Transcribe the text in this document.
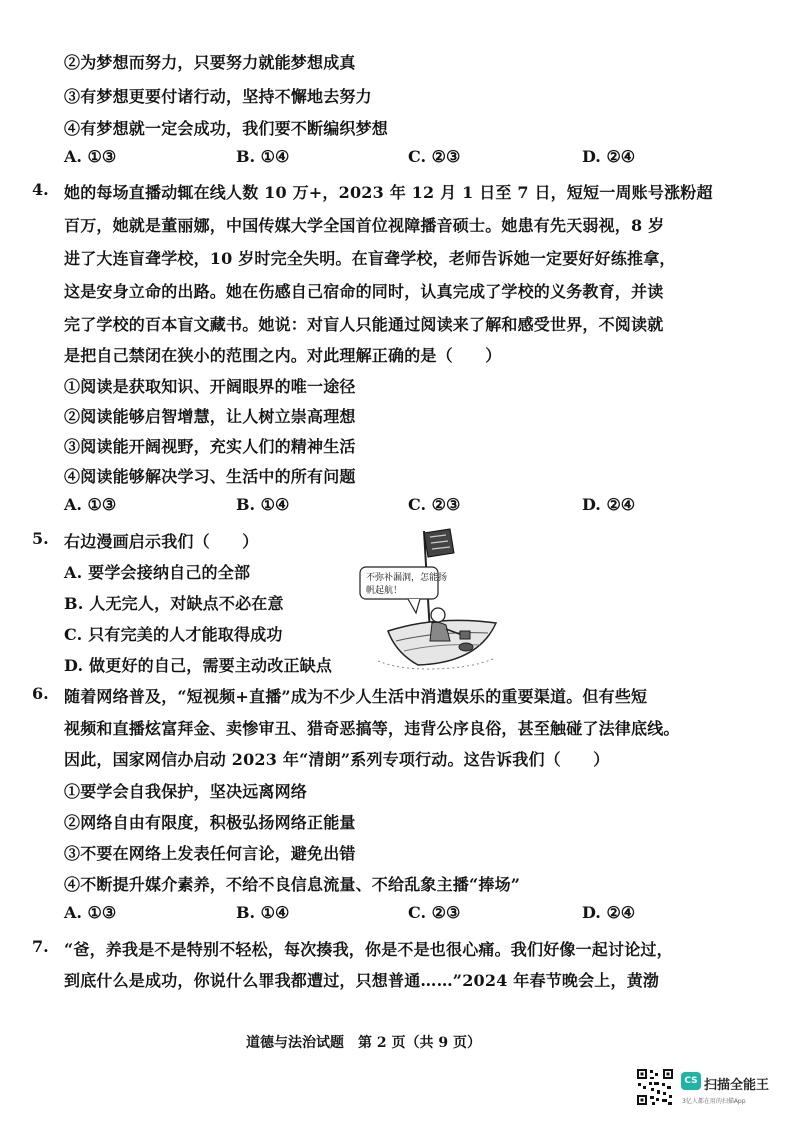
②为梦想而努力，只要努力就能梦想成真
③有梦想更要付诸行动，坚持不懈地去努力
④有梦想就一定会成功，我们要不断编织梦想
A. ①③	B. ①④	C. ②③	D. ②④
4. 她的每场直播动辄在线人数 10 万+，2023 年 12 月 1 日至 7 日，短短一周账号涨粉超
百万，她就是董丽娜，中国传媒大学全国首位视障播音硕士。她患有先天弱视，8 岁
进了大连盲聋学校，10 岁时完全失明。在盲聋学校，老师告诉她一定要好好练推拿，
这是安身立命的出路。她在伤感自己宿命的同时，认真完成了学校的义务教育，并读
完了学校的百本盲文藏书。她说：对盲人只能通过阅读来了解和感受世界，不阅读就
是把自己禁闭在狭小的范围之内。对此理解正确的是（　　）
①阅读是获取知识、开阔眼界的唯一途径
②阅读能够启智增慧，让人树立崇高理想
③阅读能开阔视野，充实人们的精神生活
④阅读能够解决学习、生活中的所有问题
A. ①③	B. ①④	C. ②③	D. ②④
5. 右边漫画启示我们（　　）
A. 要学会接纳自己的全部
B. 人无完人，对缺点不必在意
C. 只有完美的人才能取得成功
D. 做更好的自己，需要主动改正缺点
不弥补漏洞，怎能扬
帆起航！
6. 随着网络普及，“短视频+直播”成为不少人生活中消遣娱乐的重要渠道。但有些短
视频和直播炫富拜金、卖惨审丑、猎奇恶搞等，违背公序良俗，甚至触碰了法律底线。
因此，国家网信办启动 2023 年“清朗”系列专项行动。这告诉我们（　　）
①要学会自我保护，坚决远离网络
②网络自由有限度，积极弘扬网络正能量
③不要在网络上发表任何言论，避免出错
④不断提升媒介素养，不给不良信息流量、不给乱象主播“捧场”
A. ①③	B. ①④	C. ②③	D. ②④
7. “爸，养我是不是特别不轻松，每次揍我，你是不是也很心痛。我们好像一起讨论过，
到底什么是成功，你说什么罪我都遭过，只想普通……”2024 年春节晚会上，黄渤
道德与法治试题　第 2 页（共 9 页）
CS 扫描全能王
3亿人都在用的扫描App
